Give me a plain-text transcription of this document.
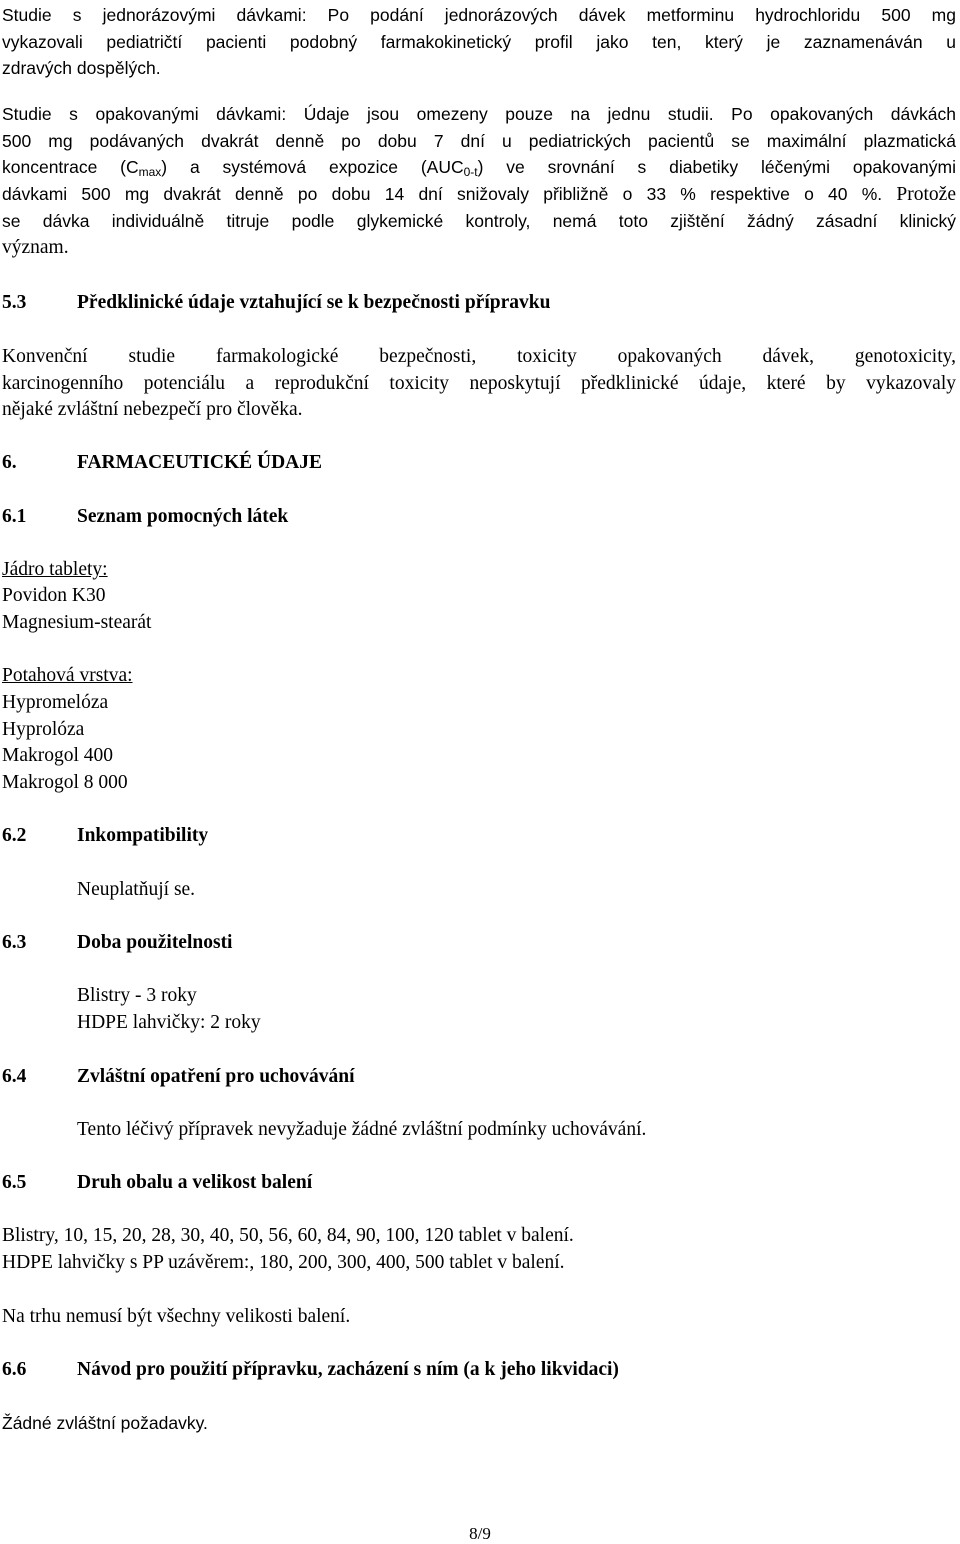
Studie s jednorázovými dávkami: Po podání jednorázových dávek metforminu hydrochloridu 500 mg
vykazovali pediatričtí pacienti podobný farmakokinetický profil jako ten, který je zaznamenáván u
zdravých dospělých.
Studie s opakovanými dávkami: Údaje jsou omezeny pouze na jednu studii. Po opakovaných dávkách
500 mg podávaných dvakrát denně po dobu 7 dní u pediatrických pacientů se maximální plazmatická
koncentrace $(C_{max})$ a systémová expozice $(AUC_{0-t})$ ve srovnání s diabetiky léčenými opakovanými
dávkami 500 mg dvakrát denně po dobu 14 dní snižovaly přibližně o 33 % respektive o 40 %. Protože
se dávka individuálně titruje podle glykemické kontroly, nemá toto zjištění žádný zásadní klinický
význam.

5.3	Předklinické údaje vztahující se k bezpečnosti přípravku

Konvenční studie farmakologické bezpečnosti, toxicity opakovaných dávek, genotoxicity,
karcinogenního potenciálu a reprodukční toxicity neposkytují předklinické údaje, které by vykazovaly
nějaké zvláštní nebezpečí pro člověka.

6.	FARMACEUTICKÉ ÚDAJE

6.1	Seznam pomocných látek

Jádro tablety:

Povidon K30

Magnesium-stearát

Potahová vrstva:

Hypromelóza

Hyprolóza

Makrogol 400

Makrogol 8 000

6.2	Inkompatibility

Neuplatňují se.

6.3	Doba použitelnosti

Blistry - 3 roky

HDPE lahvičky: 2 roky

6.4	Zvláštní opatření pro uchovávání

Tento léčivý přípravek nevyžaduje žádné zvláštní podmínky uchovávání.

6.5	Druh obalu a velikost balení

Blistry, 10, 15, 20, 28, 30, 40, 50, 56, 60, 84, 90, 100, 120 tablet v balení.

HDPE lahvičky s PP uzávěrem:, 180, 200, 300, 400, 500 tablet v balení.

Na trhu nemusí být všechny velikosti balení.

6.6	Návod pro použití přípravku, zacházení s ním (a k jeho likvidaci)

Žádné zvláštní požadavky.

8/9
